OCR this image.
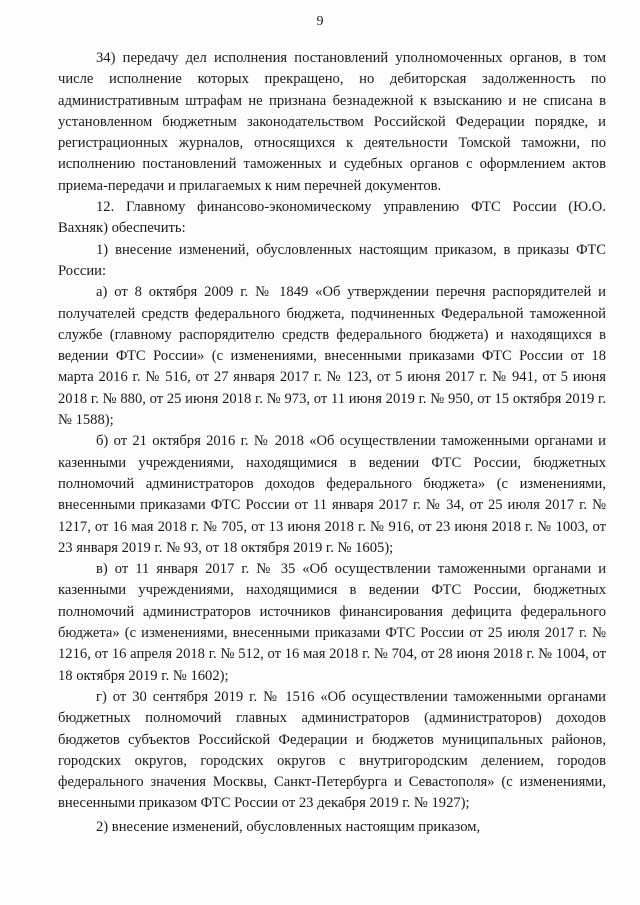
9

34) передачу дел исполнения постановлений уполномоченных органов, в том числе исполнение которых прекращено, но дебиторская задолженность по административным штрафам не признана безнадежной к взысканию и не списана в установленном бюджетным законодательством Российской Федерации порядке, и регистрационных журналов, относящихся к деятельности Томской таможни, по исполнению постановлений таможенных и судебных органов с оформлением актов приема-передачи и прилагаемых к ним перечней документов.

12. Главному финансово-экономическому управлению ФТС России (Ю.О. Вахняк) обеспечить:

1) внесение изменений, обусловленных настоящим приказом, в приказы ФТС России:

а) от 8 октября 2009 г. № 1849 «Об утверждении перечня распорядителей и получателей средств федерального бюджета, подчиненных Федеральной таможенной службе (главному распорядителю средств федерального бюджета) и находящихся в ведении ФТС России» (с изменениями, внесенными приказами ФТС России от 18 марта 2016 г. № 516, от 27 января 2017 г. № 123, от 5 июня 2017 г. № 941, от 5 июня 2018 г. № 880, от 25 июня 2018 г. № 973, от 11 июня 2019 г. № 950, от 15 октября 2019 г. № 1588);

б) от 21 октября 2016 г. № 2018 «Об осуществлении таможенными органами и казенными учреждениями, находящимися в ведении ФТС России, бюджетных полномочий администраторов доходов федерального бюджета» (с изменениями, внесенными приказами ФТС России от 11 января 2017 г. № 34, от 25 июля 2017 г. № 1217, от 16 мая 2018 г. № 705, от 13 июня 2018 г. № 916, от 23 июня 2018 г. № 1003, от 23 января 2019 г. № 93, от 18 октября 2019 г. № 1605);

в) от 11 января 2017 г. № 35 «Об осуществлении таможенными органами и казенными учреждениями, находящимися в ведении ФТС России, бюджетных полномочий администраторов источников финансирования дефицита федерального бюджета» (с изменениями, внесенными приказами ФТС России от 25 июля 2017 г. № 1216, от 16 апреля 2018 г. № 512, от 16 мая 2018 г. № 704, от 28 июня 2018 г. № 1004, от 18 октября 2019 г. № 1602);

г) от 30 сентября 2019 г. № 1516 «Об осуществлении таможенными органами бюджетных полномочий главных администраторов (администраторов) доходов бюджетов субъектов Российской Федерации и бюджетов муниципальных районов, городских округов, городских округов с внутригородским делением, городов федерального значения Москвы, Санкт-Петербурга и Севастополя» (с изменениями, внесенными приказом ФТС России от 23 декабря 2019 г. № 1927);

2) внесение изменений, обусловленных настоящим приказом,
